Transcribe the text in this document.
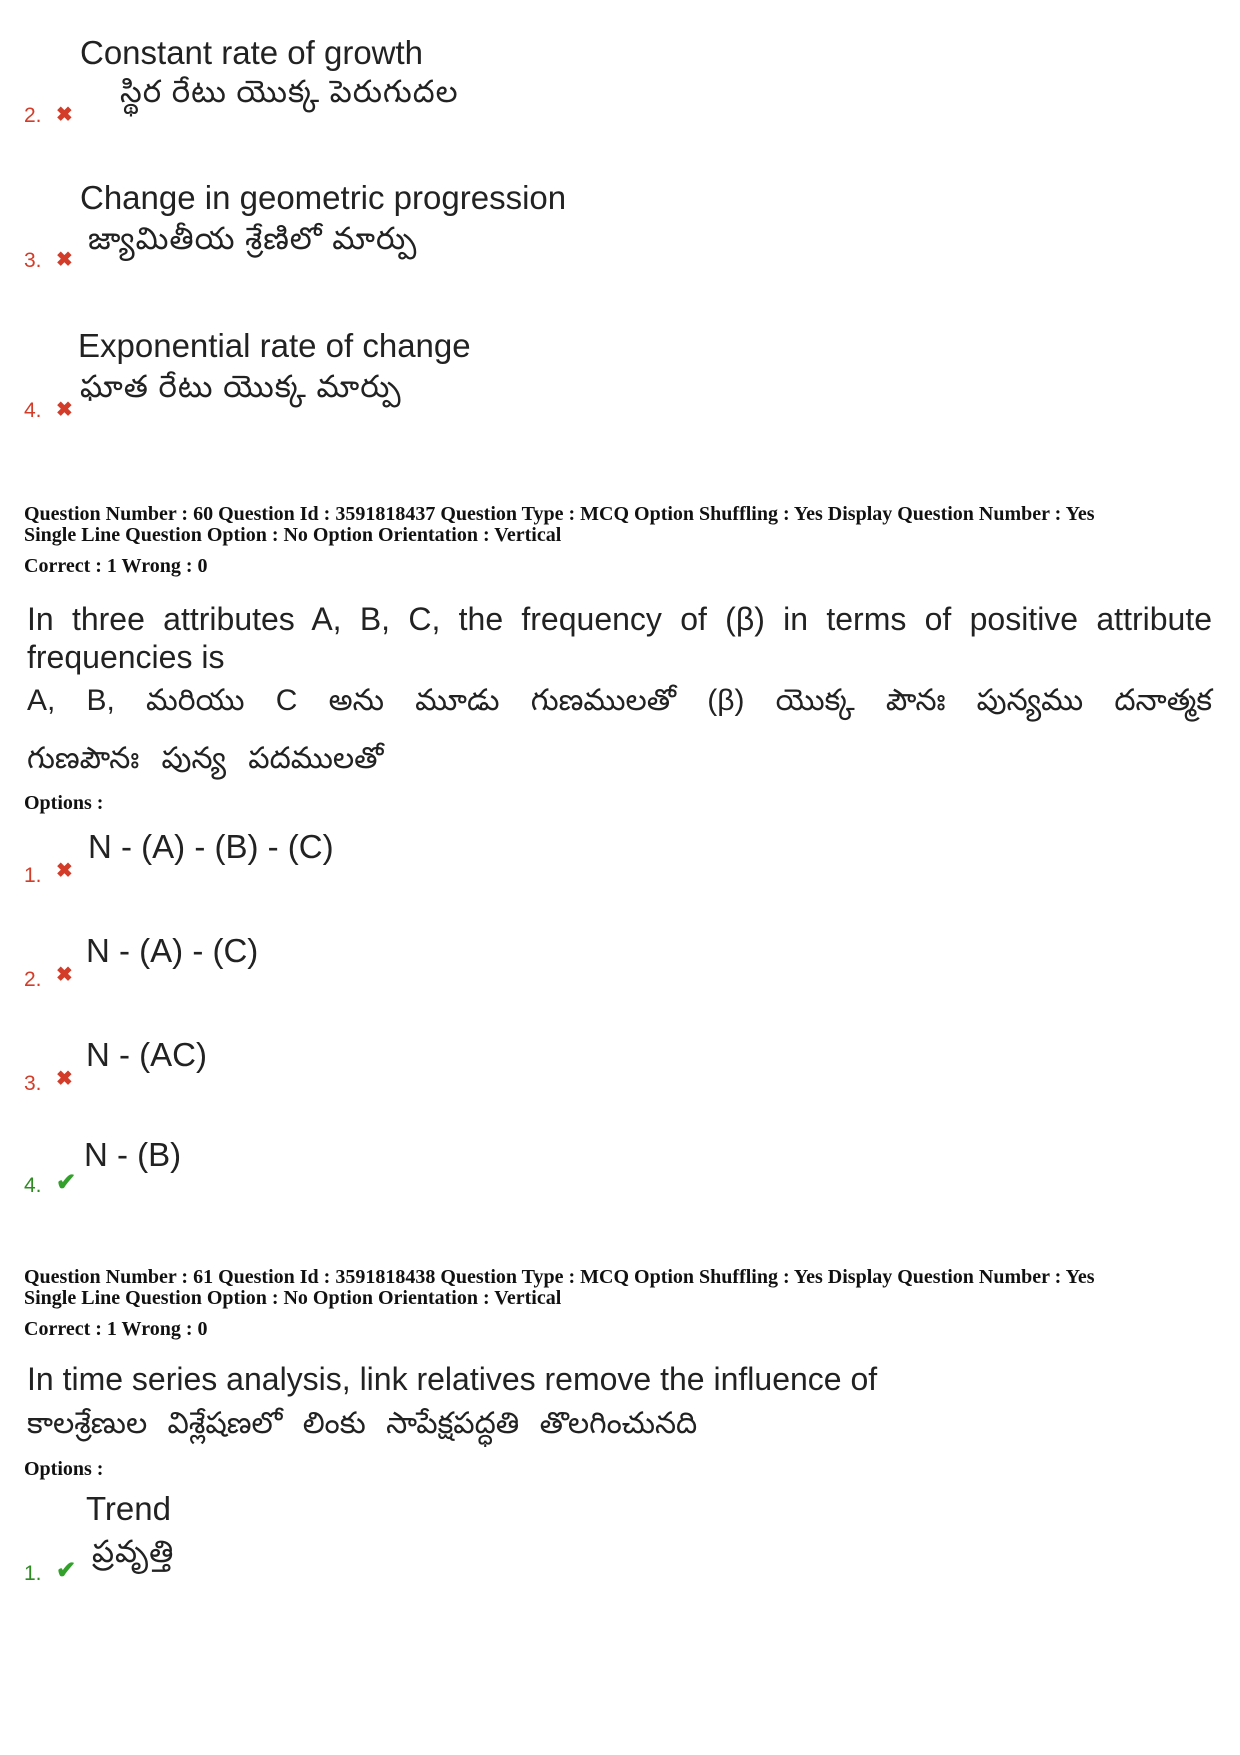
Constant rate of growth
స్థిర రేటు యొక్క పెరుగుదల
2. ✖
Change in geometric progression
జ్యామితీయ శ్రేణిలో మార్పు
3. ✖
Exponential rate of change
ఘాత రేటు యొక్క మార్పు
4. ✖
Question Number : 60 Question Id : 3591818437 Question Type : MCQ Option Shuffling : Yes Display Question Number : Yes
Single Line Question Option : No Option Orientation : Vertical
Correct : 1 Wrong : 0
In three attributes A, B, C, the frequency of (β) in terms of positive attribute frequencies is
A, B, మరియు C అను మూడు గుణములతో (β) యొక్క పౌనః పున్యము దనాత్మక గుణపౌనః పున్య పదములతో
Options :
N - (A) - (B) - (C)
1. ✖
N - (A) - (C)
2. ✖
N - (AC)
3. ✖
N - (B)
4. ✔
Question Number : 61 Question Id : 3591818438 Question Type : MCQ Option Shuffling : Yes Display Question Number : Yes
Single Line Question Option : No Option Orientation : Vertical
Correct : 1 Wrong : 0
In time series analysis, link relatives remove the influence of
కాలశ్రేణుల విశ్లేషణలో లింకు సాపేక్షపద్ధతి తొలగించునది
Options :
Trend
ప్రవృత్తి
1. ✔
